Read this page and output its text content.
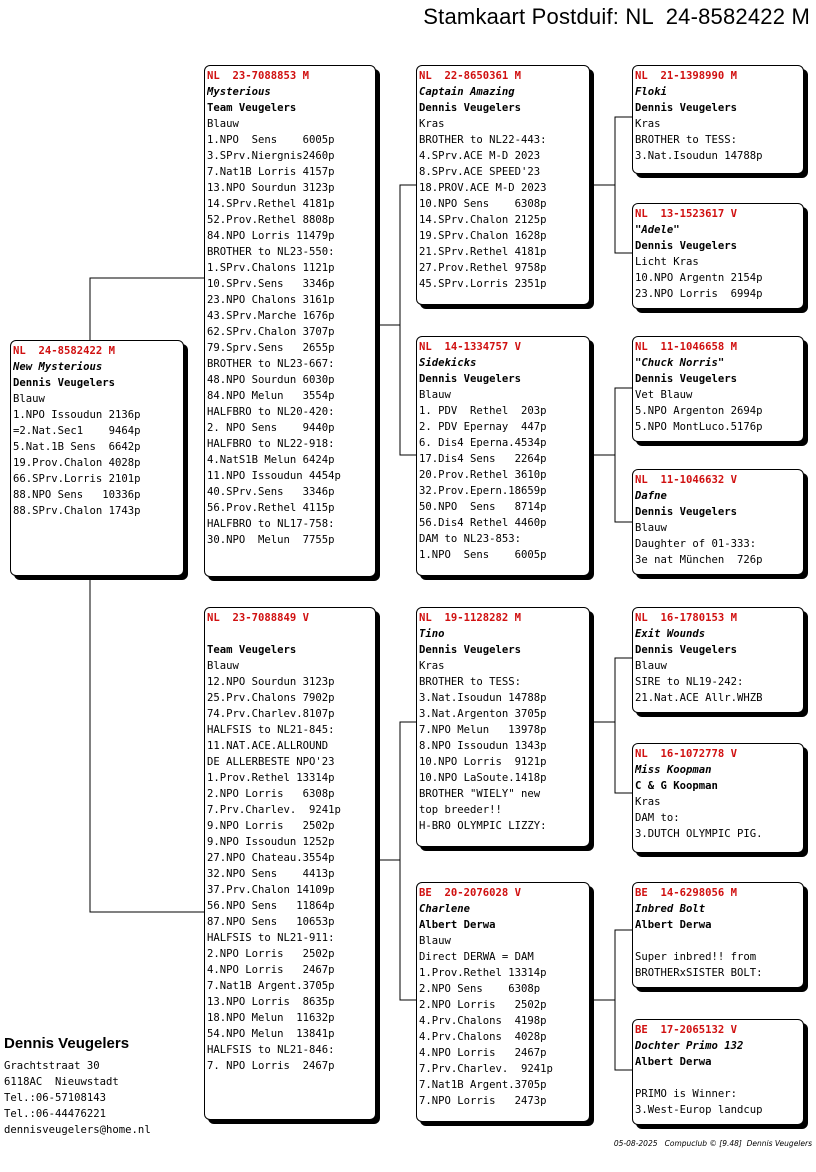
Stamkaart Postduif: NL  24-8582422 M
NL  24-8582422 M
New Mysterious
Dennis Veugelers
Blauw
1.NPO Issoudun 2136p
=2.Nat.Sec1    9464p
5.Nat.1B Sens  6642p
19.Prov.Chalon 4028p
66.SPrv.Lorris 2101p
88.NPO Sens   10336p
88.SPrv.Chalon 1743p
NL  23-7088853 M
Mysterious
Team Veugelers
Blauw
1.NPO  Sens    6005p
3.SPrv.Niergnis2460p
7.Nat1B Lorris 4157p
13.NPO Sourdun 3123p
14.SPrv.Rethel 4181p
52.Prov.Rethel 8808p
84.NPO Lorris 11479p
BROTHER to NL23-550:
1.SPrv.Chalons 1121p
10.SPrv.Sens   3346p
23.NPO Chalons 3161p
43.SPrv.Marche 1676p
62.SPrv.Chalon 3707p
79.Sprv.Sens   2655p
BROTHER to NL23-667:
48.NPO Sourdun 6030p
84.NPO Melun   3554p
HALFBRO to NL20-420:
2. NPO Sens    9440p
HALFBRO to NL22-918:
4.NatS1B Melun 6424p
11.NPO Issoudun 4454p
40.SPrv.Sens   3346p
56.Prov.Rethel 4115p
HALFBRO to NL17-758:
30.NPO  Melun  7755p
NL  23-7088849 V
Team Veugelers
Blauw
12.NPO Sourdun 3123p
25.Prv.Chalons 7902p
74.Prv.Charlev.8107p
HALFSIS to NL21-845:
11.NAT.ACE.ALLROUND
DE ALLERBESTE NPO'23
1.Prov.Rethel 13314p
2.NPO Lorris   6308p
7.Prv.Charlev.  9241p
9.NPO Lorris   2502p
9.NPO Issoudun 1252p
27.NPO Chateau.3554p
32.NPO Sens    4413p
37.Prv.Chalon 14109p
56.NPO Sens   11864p
87.NPO Sens   10653p
HALFSIS to NL21-911:
2.NPO Lorris   2502p
4.NPO Lorris   2467p
7.Nat1B Argent.3705p
13.NPO Lorris  8635p
18.NPO Melun  11632p
54.NPO Melun  13841p
HALFSIS to NL21-846:
7. NPO Lorris  2467p
NL  22-8650361 M
Captain Amazing
Dennis Veugelers
Kras
BROTHER to NL22-443:
4.SPrv.ACE M-D 2023
8.SPrv.ACE SPEED'23
18.PROV.ACE M-D 2023
10.NPO Sens    6308p
14.SPrv.Chalon 2125p
19.SPrv.Chalon 1628p
21.SPrv.Rethel 4181p
27.Prov.Rethel 9758p
45.SPrv.Lorris 2351p
NL  14-1334757 V
Sidekicks
Dennis Veugelers
Blauw
1. PDV  Rethel  203p
2. PDV Epernay  447p
6. Dis4 Eperna.4534p
17.Dis4 Sens   2264p
20.Prov.Rethel 3610p
32.Prov.Epern.18659p
50.NPO  Sens   8714p
56.Dis4 Rethel 4460p
DAM to NL23-853:
1.NPO  Sens    6005p
NL  19-1128282 M
Tino
Dennis Veugelers
Kras
BROTHER to TESS:
3.Nat.Isoudun 14788p
3.Nat.Argenton 3705p
7.NPO Melun   13978p
8.NPO Issoudun 1343p
10.NPO Lorris  9121p
10.NPO LaSoute.1418p
BROTHER "WIELY" new
top breeder!!
H-BRO OLYMPIC LIZZY:
BE  20-2076028 V
Charlene
Albert Derwa
Blauw
Direct DERWA = DAM
1.Prov.Rethel 13314p
2.NPO Sens    6308p
2.NPO Lorris   2502p
4.Prv.Chalons  4198p
4.Prv.Chalons  4028p
4.NPO Lorris   2467p
7.Prv.Charlev.  9241p
7.Nat1B Argent.3705p
7.NPO Lorris   2473p
NL  21-1398990 M
Floki
Dennis Veugelers
Kras
BROTHER to TESS:
3.Nat.Isoudun 14788p
NL  13-1523617 V
"Adele"
Dennis Veugelers
Licht Kras
10.NPO Argentn 2154p
23.NPO Lorris  6994p
NL  11-1046658 M
"Chuck Norris"
Dennis Veugelers
Vet Blauw
5.NPO Argenton 2694p
5.NPO MontLuco.5176p
NL  11-1046632 V
Dafne
Dennis Veugelers
Blauw
Daughter of 01-333:
3e nat München  726p
NL  16-1780153 M
Exit Wounds
Dennis Veugelers
Blauw
SIRE to NL19-242:
21.Nat.ACE Allr.WHZB
NL  16-1072778 V
Miss Koopman
C & G Koopman
Kras
DAM to:
3.DUTCH OLYMPIC PIG.
BE  14-6298056 M
Inbred Bolt
Albert Derwa
Super inbred!! from
BROTHERxSISTER BOLT:
BE  17-2065132 V
Dochter Primo 132
Albert Derwa
PRIMO is Winner:
3.West-Europ landcup
Dennis Veugelers
Grachtstraat 30
6118AC  Nieuwstadt
Tel.:06-57108143
Tel.:06-44476221
dennisveugelers@home.nl
05-08-2025   Compuclub © [9.48]  Dennis Veugelers
